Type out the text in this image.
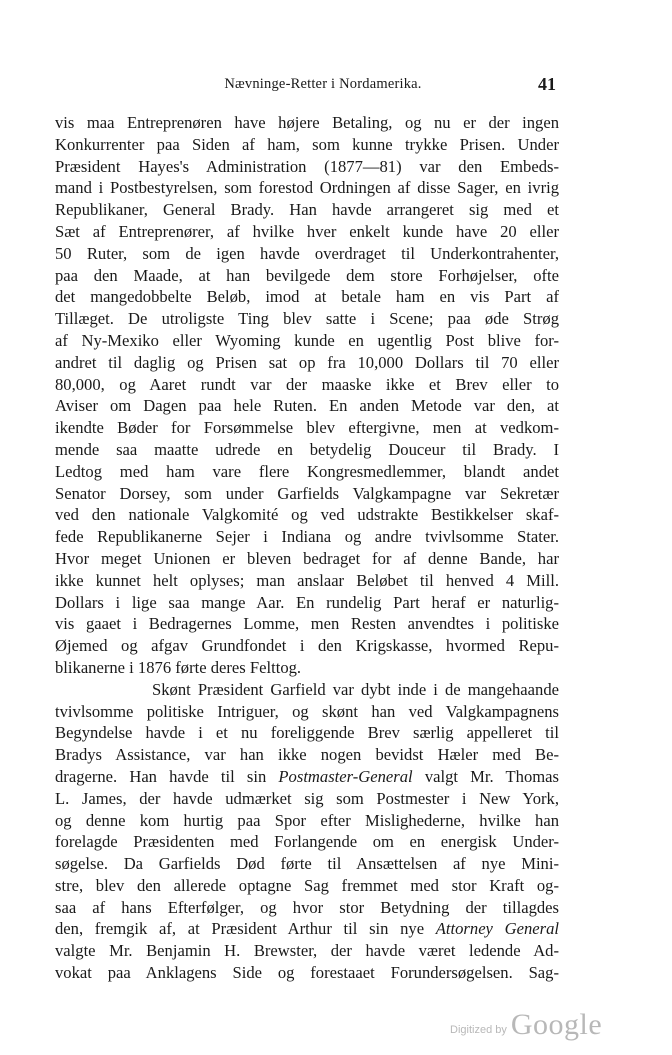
Nævninge-Retter i Nordamerika.	41
vis maa Entreprenøren have højere Betaling, og nu er der ingen
Konkurrenter paa Siden af ham, som kunne trykke Prisen. Under
Præsident Hayes's Administration (1877—81) var den Embeds-
mand i Postbestyrelsen, som forestod Ordningen af disse Sager, en ivrig
Republikaner, General Brady. Han havde arrangeret sig med et
Sæt af Entreprenører, af hvilke hver enkelt kunde have 20 eller
50 Ruter, som de igen havde overdraget til Underkontrahenter,
paa den Maade, at han bevilgede dem store Forhøjelser, ofte
det mangedobbelte Beløb, imod at betale ham en vis Part af
Tillæget. De utroligste Ting blev satte i Scene; paa øde Strøg
af Ny-Mexiko eller Wyoming kunde en ugentlig Post blive for-
andret til daglig og Prisen sat op fra 10,000 Dollars til 70 eller
80,000, og Aaret rundt var der maaske ikke et Brev eller to
Aviser om Dagen paa hele Ruten. En anden Metode var den, at
ikendte Bøder for Forsømmelse blev eftergivne, men at vedkom-
mende saa maatte udrede en betydelig Douceur til Brady. I
Ledtog med ham vare flere Kongresmedlemmer, blandt andet
Senator Dorsey, som under Garfields Valgkampagne var Sekretær
ved den nationale Valgkomité og ved udstrakte Bestikkelser skaf-
fede Republikanerne Sejer i Indiana og andre tvivlsomme Stater.
Hvor meget Unionen er bleven bedraget for af denne Bande, har
ikke kunnet helt oplyses; man anslaar Beløbet til henved 4 Mill.
Dollars i lige saa mange Aar. En rundelig Part heraf er naturlig-
vis gaaet i Bedragernes Lomme, men Resten anvendtes i politiske
Øjemed og afgav Grundfondet i den Krigskasse, hvormed Repu-
blikanerne i 1876 førte deres Felttog.
Skønt Præsident Garfield var dybt inde i de mangehaande
tvivlsomme politiske Intriguer, og skønt han ved Valgkampagnens
Begyndelse havde i et nu foreliggende Brev særlig appelleret til
Bradys Assistance, var han ikke nogen bevidst Hæler med Be-
dragerne. Han havde til sin Postmaster-General valgt Mr. Thomas
L. James, der havde udmærket sig som Postmester i New York,
og denne kom hurtig paa Spor efter Mislighederne, hvilke han
forelagde Præsidenten med Forlangende om en energisk Under-
søgelse. Da Garfields Død førte til Ansættelsen af nye Mini-
stre, blev den allerede optagne Sag fremmet med stor Kraft og-
saa af hans Efterfølger, og hvor stor Betydning der tillagdes
den, fremgik af, at Præsident Arthur til sin nye Attorney General
valgte Mr. Benjamin H. Brewster, der havde været ledende Ad-
vokat paa Anklagens Side og forestaaet Forundersøgelsen. Sag-
Digitized by Google
